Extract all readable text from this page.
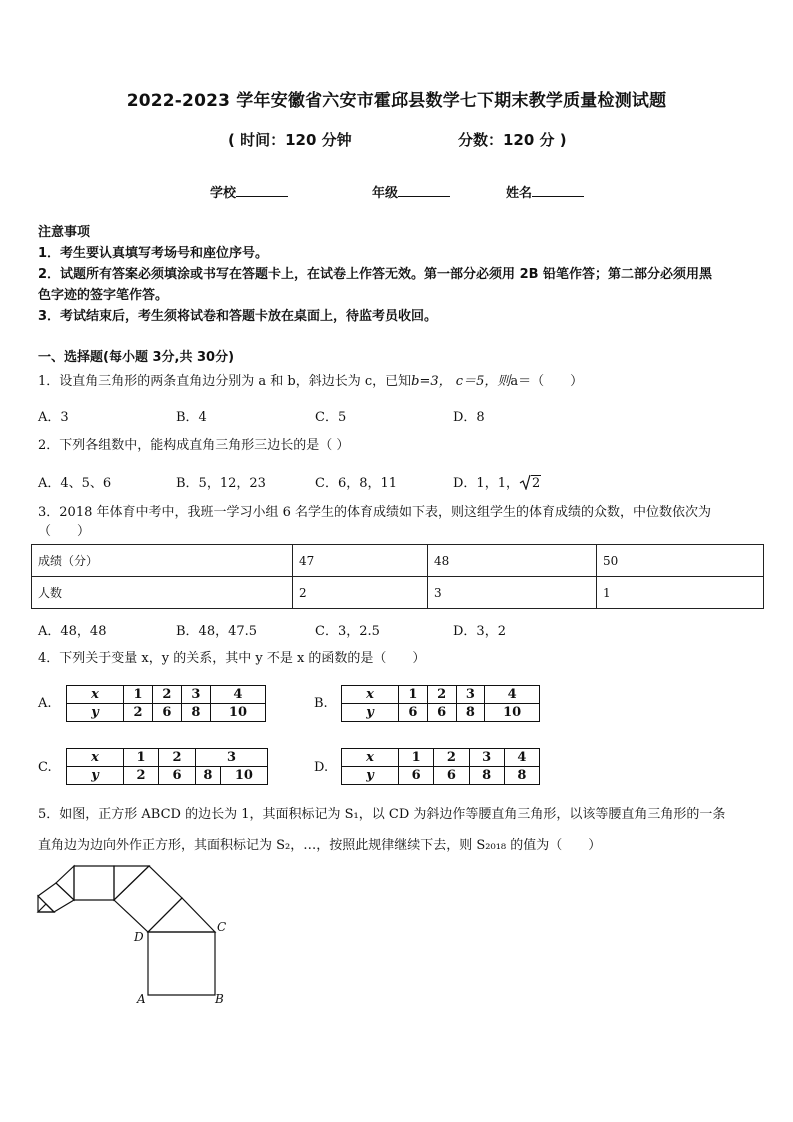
2022-2023 学年安徽省六安市霍邱县数学七下期末教学质量检测试题
( 时间：120 分钟	分数：120 分 )
学校	年级	姓名
注意事项
1．考生要认真填写考场号和座位序号。
2．试题所有答案必须填涂或书写在答题卡上，在试卷上作答无效。第一部分必须用 2B 铅笔作答；第二部分必须用黑
色字迹的签字笔作答。
3．考试结束后，考生须将试卷和答题卡放在桌面上，待监考员收回。
一、选择题(每小题 3分,共 30分)
1．设直角三角形的两条直角边分别为 a 和 b，斜边长为 c，已知b=3， c＝5，则a＝（　　）
A．3	B．4	C．5	D．8
2．下列各组数中，能构成直角三角形三边长的是（ ）
A．4、5、6	B．5，12，23	C．6，8，11	D．1，1， 2
3．2018 年体育中考中，我班一学习小组 6 名学生的体育成绩如下表，则这组学生的体育成绩的众数，中位数依次为
（　　）
成绩（分）	47	48	50
人数	2	3	1
A．48，48	B．48，47.5	C．3，2.5	D．3，2
4．下列关于变量 x，y 的关系，其中 y 不是 x 的函数的是（　　）
A.
x	1	2	3	4
y	2	6	8	10
B.
x	1	2	3	4
y	6	6	8	10
C.
x	1	2	3	
y	2	6	8	10
D.
x	1	2	3	4
y	6	6	8	8
5．如图，正方形 ABCD 的边长为 1，其面积标记为 S₁，以 CD 为斜边作等腰直角三角形，以该等腰直角三角形的一条
直角边为边向外作正方形，其面积标记为 S₂，…，按照此规律继续下去，则 S₂₀₁₈ 的值为（　　）
D
C
A	B
